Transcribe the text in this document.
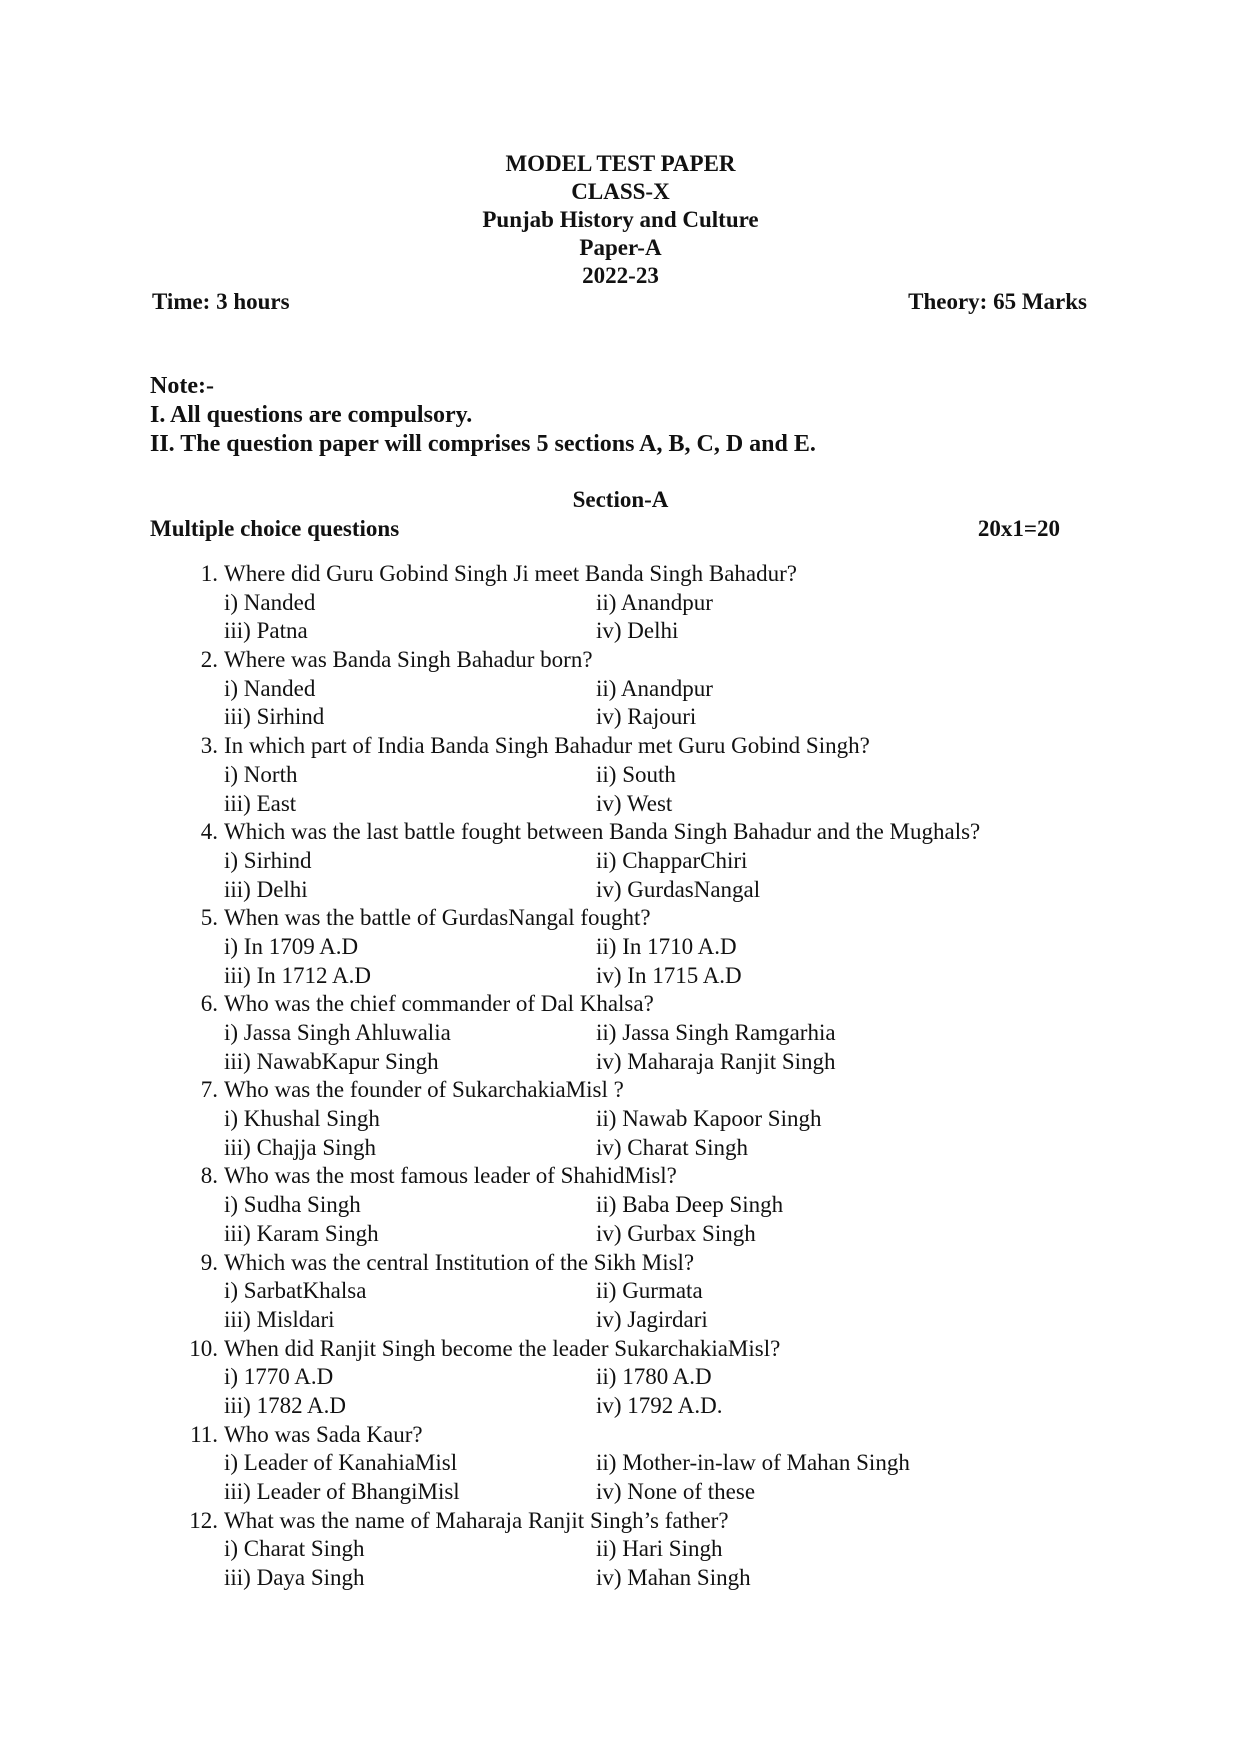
MODEL TEST PAPER
CLASS-X
Punjab History and Culture
Paper-A
2022-23
Time: 3 hours	Theory: 65 Marks
Note:-
I. All questions are compulsory.
II. The question paper will comprises 5 sections A, B, C, D and E.
Section-A
Multiple choice questions	20x1=20
1. Where did Guru Gobind Singh Ji meet Banda Singh Bahadur?
i) Nanded	ii) Anandpur
iii) Patna	iv) Delhi
2. Where was Banda Singh Bahadur born?
i) Nanded	ii) Anandpur
iii) Sirhind	iv) Rajouri
3. In which part of India Banda Singh Bahadur met Guru Gobind Singh?
i) North	ii) South
iii) East	iv) West
4. Which was the last battle fought between Banda Singh Bahadur and the Mughals?
i) Sirhind	ii) ChapparChiri
iii) Delhi	iv) GurdasNangal
5. When was the battle of GurdasNangal fought?
i) In 1709 A.D	ii) In 1710 A.D
iii) In 1712 A.D	iv) In 1715 A.D
6. Who was the chief commander of Dal Khalsa?
i) Jassa Singh Ahluwalia	ii) Jassa Singh Ramgarhia
iii) NawabKapur Singh	iv) Maharaja Ranjit Singh
7. Who was the founder of SukarchakiaMisl ?
i) Khushal Singh	ii) Nawab Kapoor Singh
iii) Chajja Singh	iv) Charat Singh
8. Who was the most famous leader of ShahidMisl?
i) Sudha Singh	ii) Baba Deep Singh
iii) Karam Singh	iv) Gurbax Singh
9. Which was the central Institution of the Sikh Misl?
i) SarbatKhalsa	ii) Gurmata
iii) Misldari	iv) Jagirdari
10. When did Ranjit Singh become the leader SukarchakiaMisl?
i) 1770 A.D	ii) 1780 A.D
iii) 1782 A.D	iv) 1792 A.D.
11. Who was Sada Kaur?
i) Leader of KanahiaMisl	ii) Mother-in-law of Mahan Singh
iii) Leader of BhangiMisl	iv) None of these
12. What was the name of Maharaja Ranjit Singh’s father?
i) Charat Singh	ii) Hari Singh
iii) Daya Singh	iv) Mahan Singh
